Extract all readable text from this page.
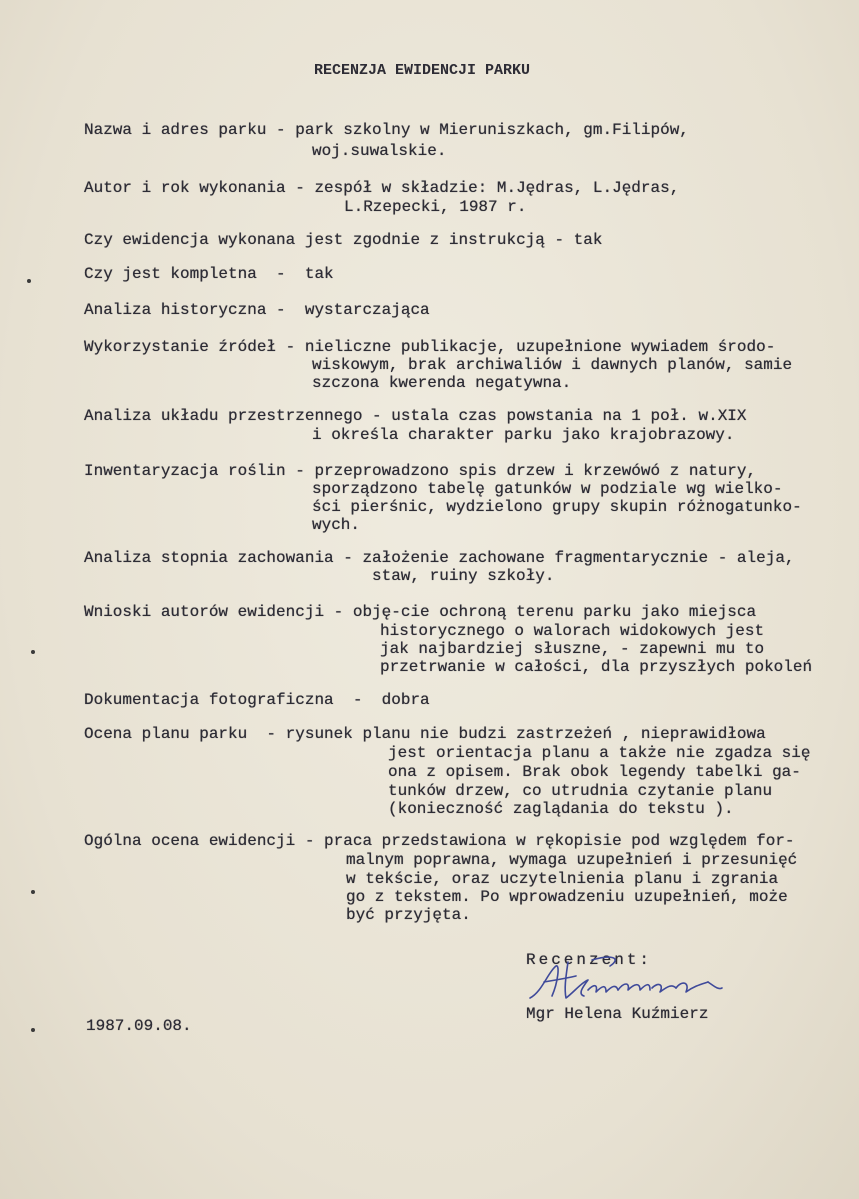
RECENZJA EWIDENCJI PARKU
Nazwa i adres parku - park szkolny w Mieruniszkach, gm.Filipów,
woj.suwalskie.
Autor i rok wykonania - zespół w składzie: M.Jędras, L.Jędras,
L.Rzepecki, 1987 r.
Czy ewidencja wykonana jest zgodnie z instrukcją - tak
Czy jest kompletna  -  tak
Analiza historyczna -  wystarczająca
Wykorzystanie źródeł - nieliczne publikacje, uzupełnione wywiadem środo-
wiskowym, brak archiwaliów i dawnych planów, samie
szczona kwerenda negatywna.
Analiza układu przestrzennego - ustala czas powstania na 1 poł. w.XIX
i określa charakter parku jako krajobrazowy.
Inwentaryzacja roślin - przeprowadzono spis drzew i krzewówó z natury,
sporządzono tabelę gatunków w podziale wg wielko-
ści pierśnic, wydzielono grupy skupin różnogatunko-
wych.
Analiza stopnia zachowania - założenie zachowane fragmentarycznie - aleja,
staw, ruiny szkoły.
Wnioski autorów ewidencji - obję-cie ochroną terenu parku jako miejsca
historycznego o walorach widokowych jest
jak najbardziej słuszne, - zapewni mu to
przetrwanie w całości, dla przyszłych pokoleń
Dokumentacja fotograficzna  -  dobra
Ocena planu parku  - rysunek planu nie budzi zastrzeżeń , nieprawidłowa
jest orientacja planu a także nie zgadza się
ona z opisem. Brak obok legendy tabelki ga-
tunków drzew, co utrudnia czytanie planu
(konieczność zaglądania do tekstu ).
Ogólna ocena ewidencji - praca przedstawiona w rękopisie pod względem for-
malnym poprawna, wymaga uzupełnień i przesunięć
w tekście, oraz uczytelnienia planu i zgrania
go z tekstem. Po wprowadzeniu uzupełnień, może
być przyjęta.
Recenzent:
Mgr Helena Kuźmierz
1987.09.08.
